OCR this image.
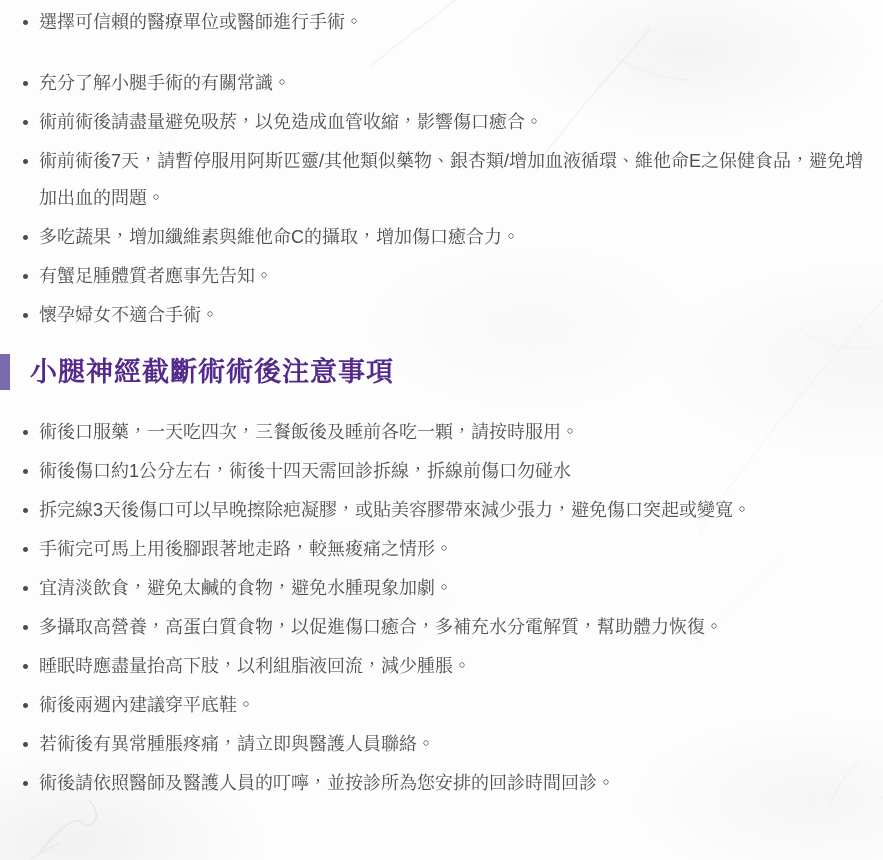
選擇可信賴的醫療單位或醫師進行手術。
充分了解小腿手術的有關常識。
術前術後請盡量避免吸菸，以免造成血管收縮，影響傷口癒合。
術前術後7天，請暫停服用阿斯匹靈/其他類似藥物、銀杏類/增加血液循環、維他命E之保健食品，避免增加出血的問題。
多吃蔬果，增加纖維素與維他命C的攝取，增加傷口癒合力。
有蟹足腫體質者應事先告知。
懷孕婦女不適合手術。
小腿神經截斷術術後注意事項
術後口服藥，一天吃四次，三餐飯後及睡前各吃一顆，請按時服用。
術後傷口約1公分左右，術後十四天需回診拆線，拆線前傷口勿碰水
拆完線3天後傷口可以早晚擦除疤凝膠，或貼美容膠帶來減少張力，避免傷口突起或變寬。
手術完可馬上用後腳跟著地走路，較無痠痛之情形。
宜清淡飲食，避免太鹹的食物，避免水腫現象加劇。
多攝取高營養，高蛋白質食物，以促進傷口癒合，多補充水分電解質，幫助體力恢復。
睡眠時應盡量抬高下肢，以利組脂液回流，減少腫脹。
術後兩週內建議穿平底鞋。
若術後有異常腫脹疼痛，請立即與醫護人員聯絡。
術後請依照醫師及醫護人員的叮嚀，並按診所為您安排的回診時間回診。
